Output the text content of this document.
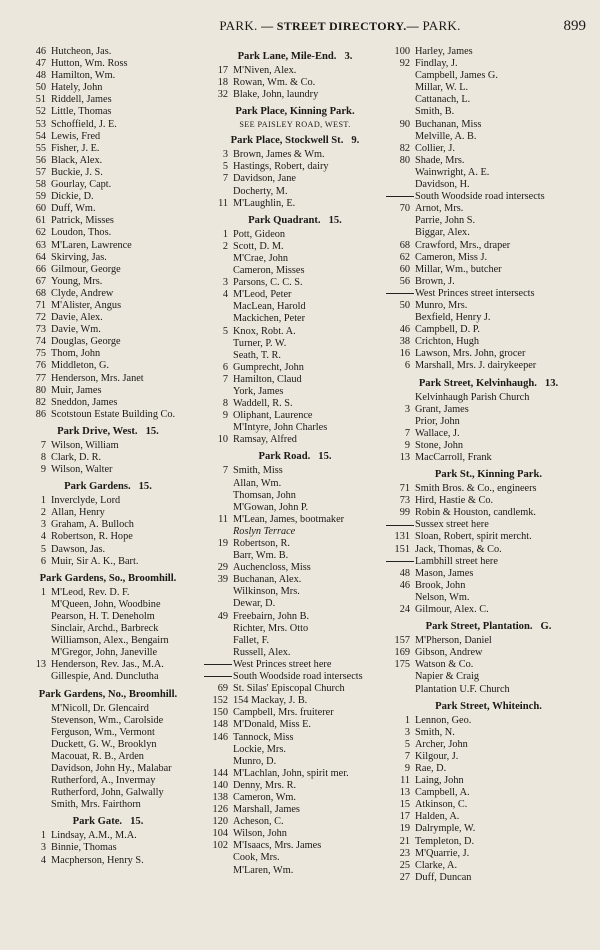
PARK. — STREET DIRECTORY.— PARK.	899
46 Hutcheon, Jas.
47 Hutton, Wm. Ross
48 Hamilton, Wm.
50 Hately, John
51 Riddell, James
52 Little, Thomas
53 Schoffield, J. E.
54 Lewis, Fred
55 Fisher, J. E.
56 Black, Alex.
57 Buckie, J. S.
58 Gourlay, Capt.
59 Dickie, D.
60 Duff, Wm.
61 Patrick, Misses
62 Loudon, Thos.
63 M'Laren, Lawrence
64 Skirving, Jas.
66 Gilmour, George
67 Young, Mrs.
68 Clyde, Andrew
71 M'Alister, Angus
72 Davie, Alex.
73 Davie, Wm.
74 Douglas, George
75 Thom, John
76 Middleton, G.
77 Henderson, Mrs. Janet
80 Muir, James
82 Sneddon, James
86 Scotstoun Estate Building Co.
Park Drive, West. 15.
7 Wilson, William
8 Clark, D. R.
9 Wilson, Walter
Park Gardens. 15.
1 Inverclyde, Lord
2 Allan, Henry
3 Graham, A. Bulloch
4 Robertson, R. Hope
5 Dawson, Jas.
6 Muir, Sir A. K., Bart.
Park Gardens, So., Broomhill.
1 M'Leod, Rev. D. F.
M'Queen, John, Woodbine
Pearson, H. T. Deneholm
Sinclair, Archd., Barbreck
Williamson, Alex., Bengairn
M'Gregor, John, Janeville
13 Henderson, Rev. Jas., M.A.
Gillespie, And. Dunclutha
Park Gardens, No., Broomhill.
M'Nicoll, Dr. Glencaird
Stevenson, Wm., Carolside
Ferguson, Wm., Vermont
Duckett, G. W., Brooklyn
Macouat, R. B., Arden
Davidson, John Hy., Malabar
Rutherford, A., Invermay
Rutherford, John, Galwally
Smith, Mrs. Fairthorn
Park Gate. 15.
1 Lindsay, A.M., M.A.
3 Binnie, Thomas
4 Macpherson, Henry S.
Park Lane, Mile-End. 3.
17 M'Niven, Alex.
18 Rowan, Wm. & Co.
32 Blake, John, laundry
Park Place, Kinning Park.
SEE PAISLEY ROAD, WEST.
Park Place, Stockwell St. 9.
3 Brown, James & Wm.
5 Hastings, Robert, dairy
7 Davidson, Jane
Docherty, M.
11 M'Laughlin, E.
Park Quadrant. 15.
1 Pott, Gideon
2 Scott, D. M.
M'Crae, John
Cameron, Misses
3 Parsons, C. C. S.
4 M'Leod, Peter
MacLean, Harold
Mackichen, Peter
5 Knox, Robt. A.
Turner, P. W.
Seath, T. R.
6 Gumprecht, John
7 Hamilton, Claud
York, James
8 Waddell, R. S.
9 Oliphant, Laurence
M'Intyre, John Charles
10 Ramsay, Alfred
Park Road. 15.
7 Smith, Miss
Allan, Wm.
Thomsan, John
M'Gowan, John P.
11 M'Lean, James, bootmaker
Roslyn Terrace
19 Robertson, R.
Barr, Wm. B.
29 Auchencloss, Miss
39 Buchanan, Alex.
Wilkinson, Mrs.
Dewar, D.
49 Freebairn, John B.
Richter, Mrs. Otto
Fallet, F.
Russell, Alex.
West Princes street here
South Woodside road intersects
69 St. Silas' Episcopal Church
152 154 Mackay, J. B.
150 Campbell, Mrs. fruiterer
148 M'Donald, Miss E.
146 Tannock, Miss
Lockie, Mrs.
Munro, D.
144 M'Lachlan, John, spirit mer.
140 Denny, Mrs. R.
138 Cameron, Wm.
126 Marshall, James
120 Acheson, C.
104 Wilson, John
102 M'Isaacs, Mrs. James
Cook, Mrs.
M'Laren, Wm.
100 Harley, James
92 Findlay, J.
Campbell, James G.
Millar, W. L.
Cattanach, L.
Smith, B.
90 Buchanan, Miss
Melville, A. B.
82 Collier, J.
80 Shade, Mrs.
Wainwright, A. E.
Davidson, H.
South Woodside road intersects
70 Arnot, Mrs.
Parrie, John S.
Biggar, Alex.
68 Crawford, Mrs., draper
62 Cameron, Miss J.
60 Millar, Wm., butcher
56 Brown, J.
West Princes street intersects
50 Munro, Mrs.
Bexfield, Henry J.
46 Campbell, D. P.
38 Crichton, Hugh
16 Lawson, Mrs. John, grocer
6 Marshall, Mrs. J. dairykeeper
Park Street, Kelvinhaugh. 13.
Kelvinhaugh Parish Church
3 Grant, James
Prior, John
7 Wallace, J.
9 Stone, John
13 MacCarroll, Frank
Park St., Kinning Park.
71 Smith Bros. & Co., engineers
73 Hird, Hastie & Co.
99 Robin & Houston, candlemk.
Sussex street here
131 Sloan, Robert, spirit mercht.
151 Jack, Thomas, & Co.
Lambhill street here
48 Mason, James
46 Brook, John
Nelson, Wm.
24 Gilmour, Alex. C.
Park Street, Plantation. G.
157 M'Pherson, Daniel
169 Gibson, Andrew
175 Watson & Co.
Napier & Craig
Plantation U.F. Church
Park Street, Whiteinch.
1 Lennon, Geo.
3 Smith, N.
5 Archer, John
7 Kilgour, J.
9 Rae, D.
11 Laing, John
13 Campbell, A.
15 Atkinson, C.
17 Halden, A.
19 Dalrymple, W.
21 Templeton, D.
23 M'Quarrie, J.
25 Clarke, A.
27 Duff, Duncan
